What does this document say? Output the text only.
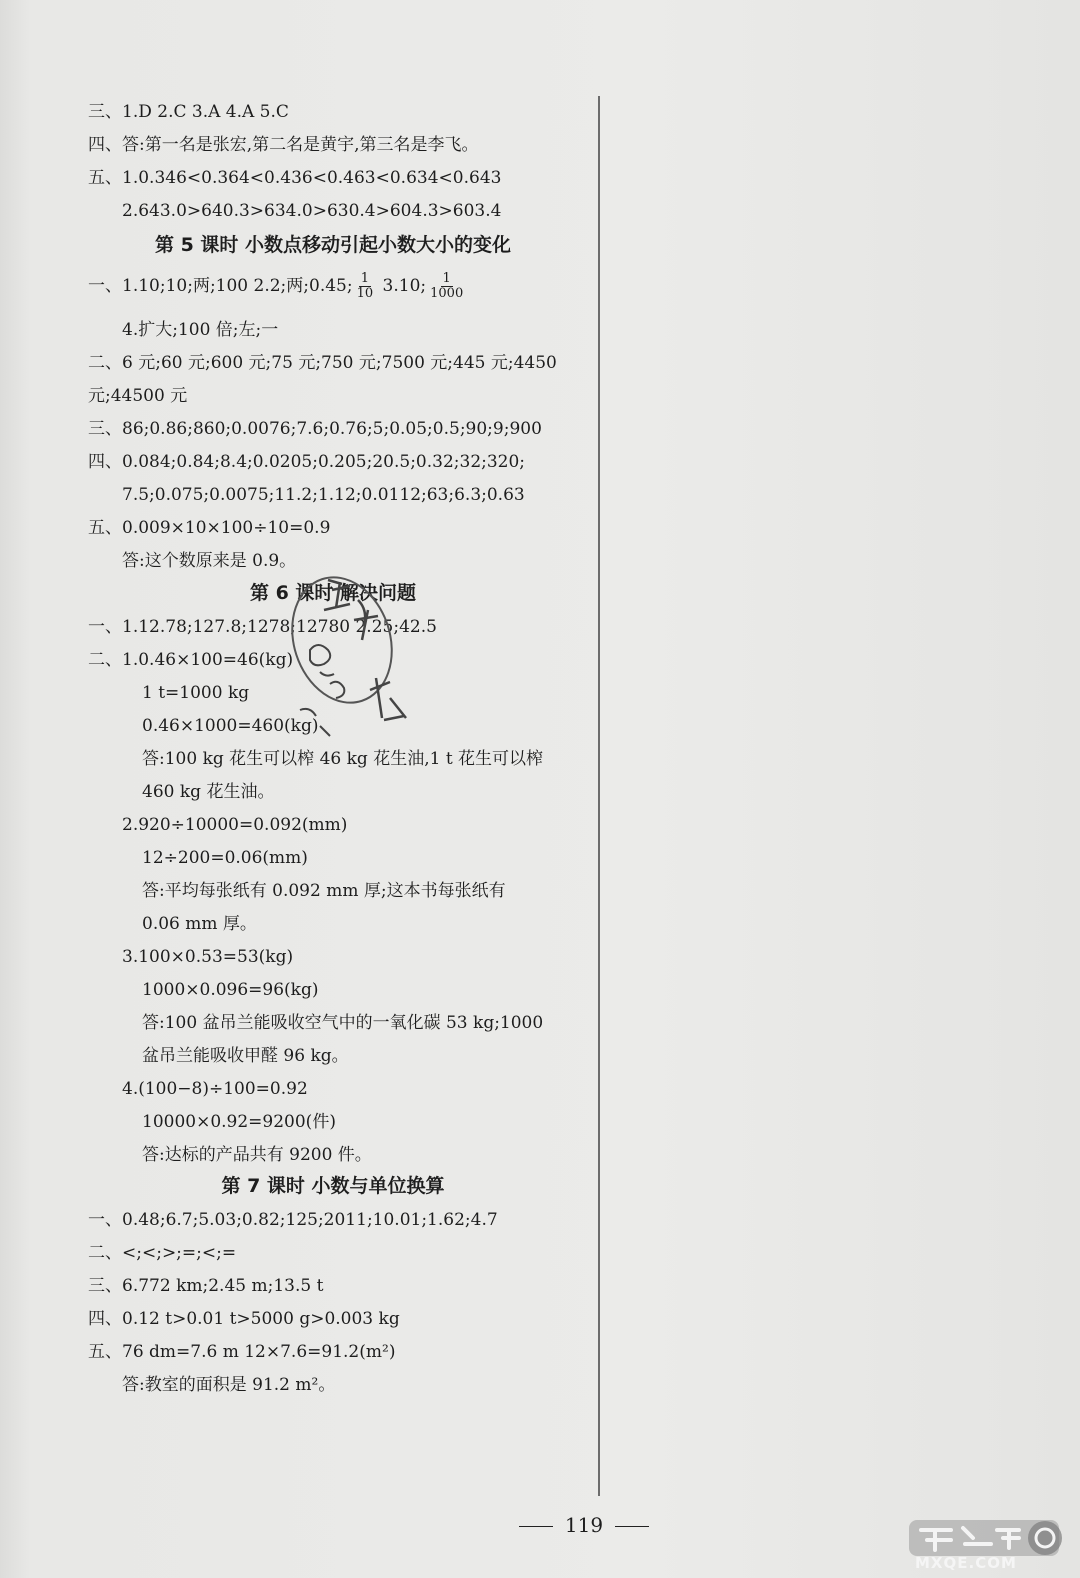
三、1.D 2.C 3.A 4.A 5.C
四、答:第一名是张宏,第二名是黄宇,第三名是李飞。
五、1.0.346<0.364<0.436<0.463<0.634<0.643
2.643.0>640.3>634.0>630.4>604.3>603.4
第 5 课时 小数点移动引起小数大小的变化
一、1.10;10;两;100 2.2;两;0.45; $\frac{1}{10} 3.10$; $\frac{1}{1000}$
4.扩大;100 倍;左;一
二、6 元;60 元;600 元;75 元;750 元;7500 元;445 元;4450
元;44500 元
三、86;0.86;860;0.0076;7.6;0.76;5;0.05;0.5;90;9;900
四、0.084;0.84;8.4;0.0205;0.205;20.5;0.32;32;320;
7.5;0.075;0.0075;11.2;1.12;0.0112;63;6.3;0.63
五、0.009×10×100÷10=0.9
答:这个数原来是 0.9。
第 6 课时 解决问题
一、1.12.78;127.8;1278;12780 2.25;42.5
二、1.0.46×100=46(kg)
1 t=1000 kg
0.46×1000=460(kg)
答:100 kg 花生可以榨 46 kg 花生油,1 t 花生可以榨
460 kg 花生油。
2.920÷10000=0.092(mm)
12÷200=0.06(mm)
答:平均每张纸有 0.092 mm 厚;这本书每张纸有
0.06 mm 厚。
3.100×0.53=53(kg)
1000×0.096=96(kg)
答:100 盆吊兰能吸收空气中的一氧化碳 53 kg;1000
盆吊兰能吸收甲醛 96 kg。
4.(100−8)÷100=0.92
10000×0.92=9200(件)
答:达标的产品共有 9200 件。
第 7 课时 小数与单位换算
一、0.48;6.7;5.03;0.82;125;2011;10.01;1.62;4.7
二、<;<;>;=;<;=
三、6.772 km;2.45 m;13.5 t
四、0.12 t>0.01 t>5000 g>0.003 kg
五、76 dm=7.6 m 12×7.6=91.2(m²)
答:教室的面积是 91.2 m²。
119
MXQE.COM
